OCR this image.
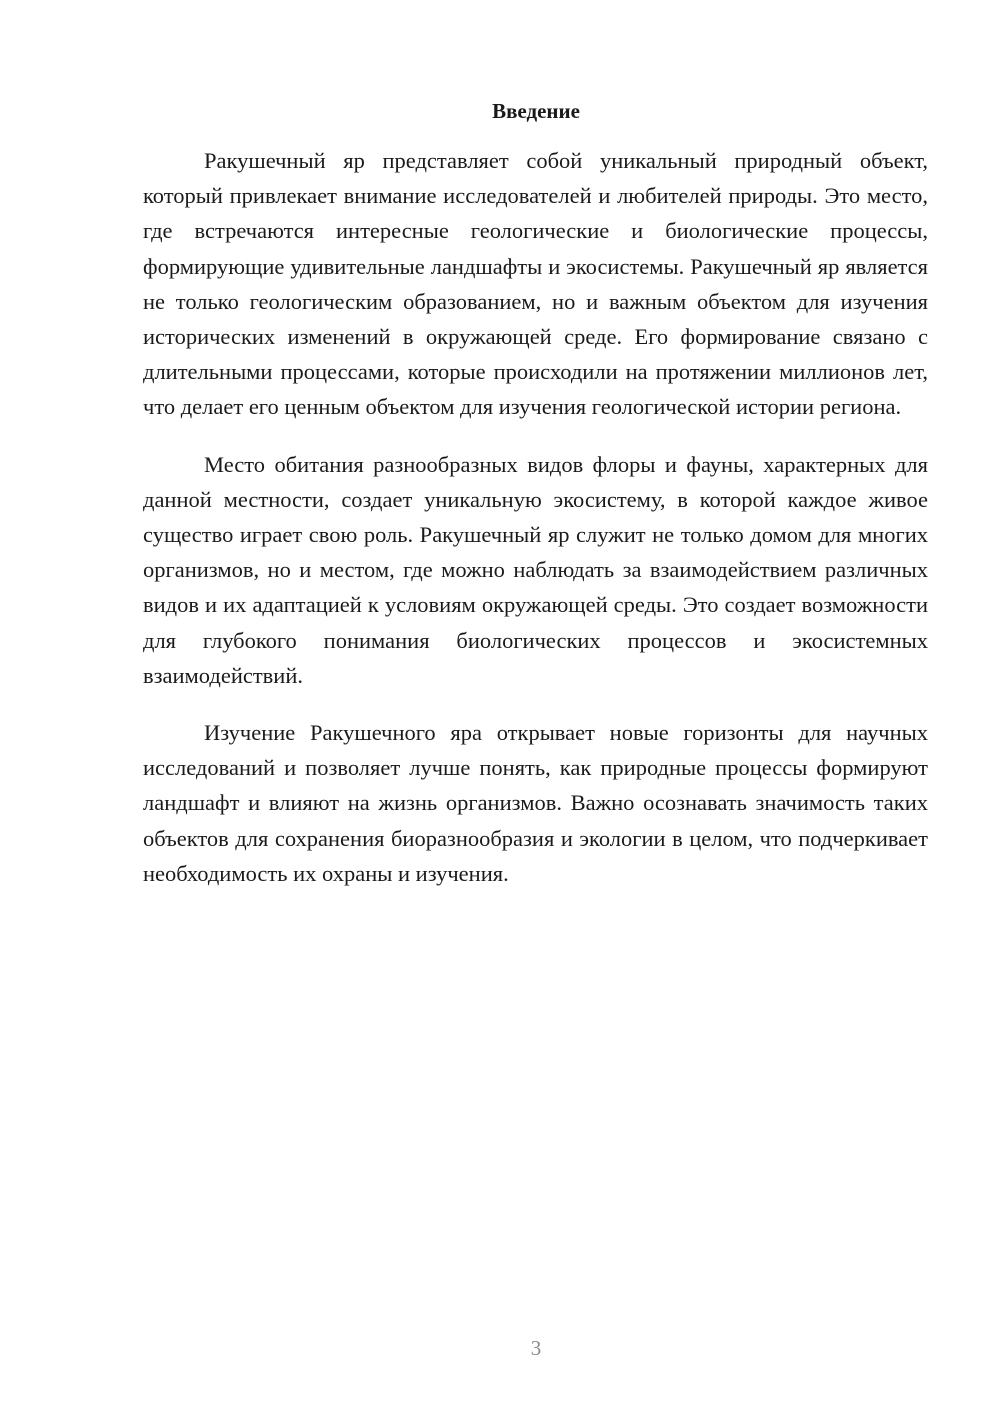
Введение

Ракушечный яр представляет собой уникальный природный объект, который привлекает внимание исследователей и любителей природы. Это место, где встречаются интересные геологические и биологические процессы, формирующие удивительные ландшафты и экосистемы. Ракушечный яр является не только геологическим образованием, но и важным объектом для изучения исторических изменений в окружающей среде. Его формирование связано с длительными процессами, которые происходили на протяжении миллионов лет, что делает его ценным объектом для изучения геологической истории региона.

Место обитания разнообразных видов флоры и фауны, характерных для данной местности, создает уникальную экосистему, в которой каждое живое существо играет свою роль. Ракушечный яр служит не только домом для многих организмов, но и местом, где можно наблюдать за взаимодействием различных видов и их адаптацией к условиям окружающей среды. Это создает возможности для глубокого понимания биологических процессов и экосистемных взаимодействий.

Изучение Ракушечного яра открывает новые горизонты для научных исследований и позволяет лучше понять, как природные процессы формируют ландшафт и влияют на жизнь организмов. Важно осознавать значимость таких объектов для сохранения биоразнообразия и экологии в целом, что подчеркивает необходимость их охраны и изучения.

3
